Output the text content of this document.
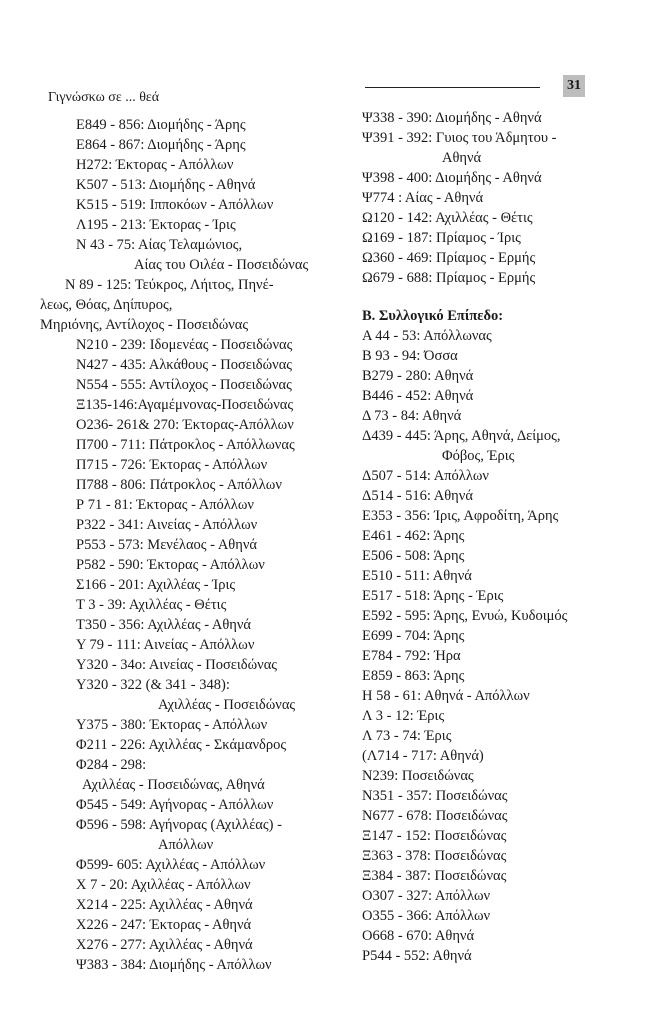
Γιγνώσκω σε ... θεά
31
Ε849 - 856: Διομήδης - Άρης
Ε864 - 867: Διομήδης - Άρης
Η272: Έκτορας - Απόλλων
Κ507 - 513: Διομήδης - Αθηνά
Κ515 - 519: Ιπποκόων - Απόλλων
Λ195 - 213: Έκτορας - Ίρις
Ν 43 - 75: Αίας Τελαμώνιος,
Αίας του Οιλέα - Ποσειδώνας
Ν 89 - 125: Τεύκρος, Λήιτος, Πηνέ-
λεως, Θόας, Δηίπυρος,
Μηριόνης, Αντίλοχος - Ποσειδώνας
Ν210 - 239: Ιδομενέας - Ποσειδώνας
Ν427 - 435: Αλκάθους - Ποσειδώνας
Ν554 - 555: Αντίλοχος - Ποσειδώνας
Ξ135-146:Αγαμέμνονας-Ποσειδώνας
Ο236- 261& 270: Έκτορας-Απόλλων
Π700 - 711: Πάτροκλος - Απόλλωνας
Π715 - 726: Έκτορας - Απόλλων
Π788 - 806: Πάτροκλος - Απόλλων
Ρ 71 - 81: Έκτορας - Απόλλων
Ρ322 - 341: Αινείας - Απόλλων
Ρ553 - 573: Μενέλαος - Αθηνά
Ρ582 - 590: Έκτορας - Απόλλων
Σ166 - 201: Αχιλλέας - Ίρις
Τ 3 - 39: Αχιλλέας - Θέτις
Τ350 - 356: Αχιλλέας - Αθηνά
Υ 79 - 111: Αινείας - Απόλλων
Υ320 - 34ο: Αινείας - Ποσειδώνας
Υ320 - 322 (& 341 - 348):
Αχιλλέας - Ποσειδώνας
Υ375 - 380: Έκτορας - Απόλλων
Φ211 - 226: Αχιλλέας - Σκάμανδρος
Φ284 - 298:
Αχιλλέας - Ποσειδώνας, Αθηνά
Φ545 - 549: Αγήνορας - Απόλλων
Φ596 - 598: Αγήνορας (Αχιλλέας) -
Απόλλων
Φ599- 605: Αχιλλέας - Απόλλων
Χ 7 - 20: Αχιλλέας - Απόλλων
Χ214 - 225: Αχιλλέας - Αθηνά
Χ226 - 247: Έκτορας - Αθηνά
Χ276 - 277: Αχιλλέας - Αθηνά
Ψ383 - 384: Διομήδης - Απόλλων
Ψ338 - 390: Διομήδης - Αθηνά
Ψ391 - 392: Γυιος του Άδμητου -
Αθηνά
Ψ398 - 400: Διομήδης - Αθηνά
Ψ774 : Αίας - Αθηνά
Ω120 - 142: Αχιλλέας - Θέτις
Ω169 - 187: Πρίαμος - Ίρις
Ω360 - 469: Πρίαμος - Ερμής
Ω679 - 688: Πρίαμος - Ερμής
Β. Συλλογικό Επίπεδο:
Α 44 - 53: Απόλλωνας
Β 93 - 94: Όσσα
Β279 - 280: Αθηνά
Β446 - 452: Αθηνά
Δ 73 - 84: Αθηνά
Δ439 - 445: Άρης, Αθηνά, Δείμος,
Φόβος, Έρις
Δ507 - 514: Απόλλων
Δ514 - 516: Αθηνά
Ε353 - 356: Ίρις, Αφροδίτη, Άρης
Ε461 - 462: Άρης
Ε506 - 508: Άρης
Ε510 - 511: Αθηνά
Ε517 - 518: Άρης - Έρις
Ε592 - 595: Άρης, Ενυώ, Κυδοιμός
Ε699 - 704: Άρης
Ε784 - 792: Ήρα
Ε859 - 863: Άρης
Η 58 - 61: Αθηνά - Απόλλων
Λ 3 - 12: Έρις
Λ 73 - 74: Έρις
(Λ714 - 717: Αθηνά)
Ν239: Ποσειδώνας
Ν351 - 357: Ποσειδώνας
Ν677 - 678: Ποσειδώνας
Ξ147 - 152: Ποσειδώνας
Ξ363 - 378: Ποσειδώνας
Ξ384 - 387: Ποσειδώνας
Ο307 - 327: Απόλλων
Ο355 - 366: Απόλλων
Ο668 - 670: Αθηνά
Ρ544 - 552: Αθηνά
